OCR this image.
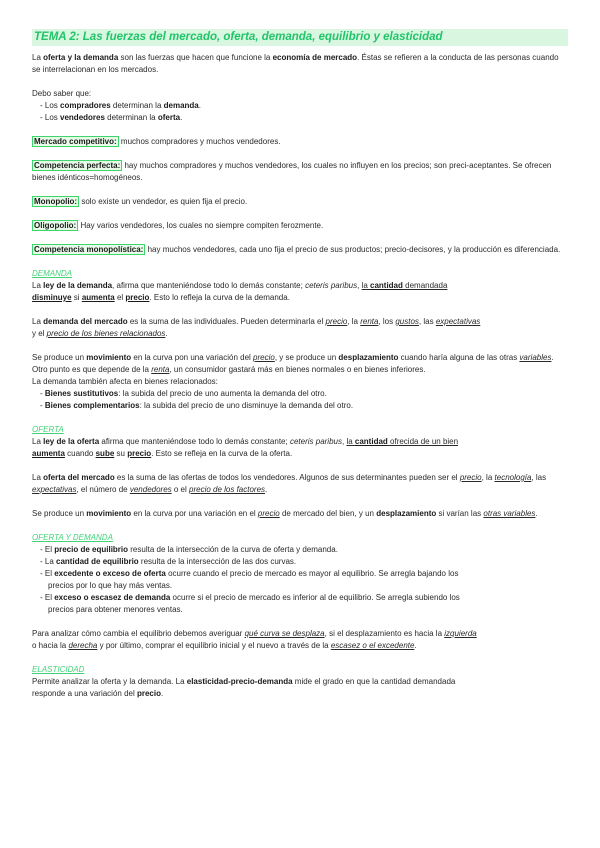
TEMA 2: Las fuerzas del mercado, oferta, demanda, equilibrio y elasticidad

La oferta y la demanda son las fuerzas que hacen que funcione la economía de mercado. Éstas se refieren a la conducta de las personas cuando se interrelacionan en los mercados.

Debo saber que:

- Los compradores determinan la demanda.
- Los vendedores determinan la oferta.

Mercado competitivo: muchos compradores y muchos vendedores.

Competencia perfecta: hay muchos compradores y muchos vendedores, los cuales no influyen en los precios; son preci-aceptantes. Se ofrecen bienes idénticos=homogéneos.

Monopolio: solo existe un vendedor, es quien fija el precio.

Oligopolio: Hay varios vendedores, los cuales no siempre compiten ferozmente.

Competencia monopolística: hay muchos vendedores, cada uno fija el precio de sus productos; precio-decisores, y la producción es diferenciada.

DEMANDA

La ley de la demanda, afirma que manteniéndose todo lo demás constante; ceteris paribus, la cantidad demandada
disminuye si aumenta el precio. Esto lo refleja la curva de la demanda.

La demanda del mercado es la suma de las individuales. Pueden determinarla el precio, la renta, los gustos, las expectativas
y el precio de los bienes relacionados.

Se produce un movimiento en la curva pon una variación del precio, y se produce un desplazamiento cuando haría alguna de las otras variables.

Otro punto es que depende de la renta, un consumidor gastará más en bienes normales o en bienes inferiores.

La demanda también afecta en bienes relacionados:

- Bienes sustitutivos: la subida del precio de uno aumenta la demanda del otro.
- Bienes complementarios: la subida del precio de uno disminuye la demanda del otro.

OFERTA

La ley de la oferta afirma que manteniéndose todo lo demás constante; ceteris paribus, la cantidad ofrecida de un bien
aumenta cuando sube su precio. Esto se refleja en la curva de la oferta.

La oferta del mercado es la suma de las ofertas de todos los vendedores. Algunos de sus determinantes pueden ser el precio, la tecnología, las expectativas, el número de vendedores o el precio de los factores.

Se produce un movimiento en la curva por una variación en el precio de mercado del bien, y un desplazamiento si varían las otras variables.

OFERTA Y DEMANDA

- El precio de equilibrio resulta de la intersección de la curva de oferta y demanda.
- La cantidad de equilibrio resulta de la intersección de las dos curvas.
- El excedente o exceso de oferta ocurre cuando el precio de mercado es mayor al equilibrio. Se arregla bajando los
precios por lo que hay más ventas.
- El exceso o escasez de demanda ocurre si el precio de mercado es inferior al de equilibrio. Se arregla subiendo los
precios para obtener menores ventas.

Para analizar cómo cambia el equilibrio debemos averiguar qué curva se desplaza, si el desplazamiento es hacia la izquierda
o hacia la derecha y por último, comprar el equilibrio inicial y el nuevo a través de la escasez o el excedente.

ELASTICIDAD

Permite analizar la oferta y la demanda. La elasticidad-precio-demanda mide el grado en que la cantidad demandada
responde a una variación del precio.
